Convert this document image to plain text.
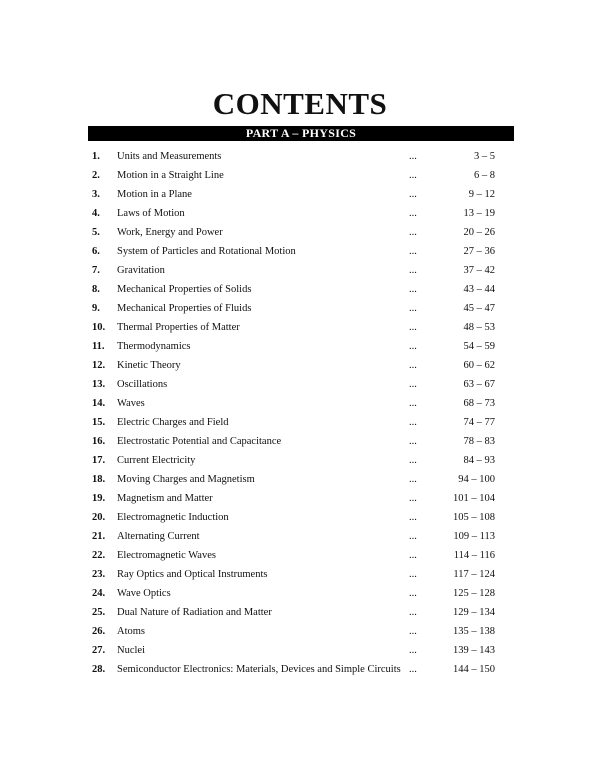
CONTENTS
PART A – PHYSICS
1.	Units and Measurements	...	3 – 5
2.	Motion in a Straight Line	...	6 – 8
3.	Motion in a Plane	...	9 – 12
4.	Laws of Motion	...	13 – 19
5.	Work, Energy and Power	...	20 – 26
6.	System of Particles and Rotational Motion	...	27 – 36
7.	Gravitation	...	37 – 42
8.	Mechanical Properties of Solids	...	43 – 44
9.	Mechanical Properties of Fluids	...	45 – 47
10.	Thermal Properties of Matter	...	48 – 53
11.	Thermodynamics	...	54 – 59
12.	Kinetic Theory	...	60 – 62
13.	Oscillations	...	63 – 67
14.	Waves	...	68 – 73
15.	Electric Charges and Field	...	74 – 77
16.	Electrostatic Potential and Capacitance	...	78 – 83
17.	Current Electricity	...	84 – 93
18.	Moving Charges and Magnetism	...	94 – 100
19.	Magnetism and Matter	...	101 – 104
20.	Electromagnetic Induction	...	105 – 108
21.	Alternating Current	...	109 – 113
22.	Electromagnetic Waves	...	114 – 116
23.	Ray Optics and Optical Instruments	...	117 – 124
24.	Wave Optics	...	125 – 128
25.	Dual Nature of Radiation and Matter	...	129 – 134
26.	Atoms	...	135 – 138
27.	Nuclei	...	139 – 143
28.	Semiconductor Electronics: Materials, Devices and Simple Circuits ...	144 – 150
